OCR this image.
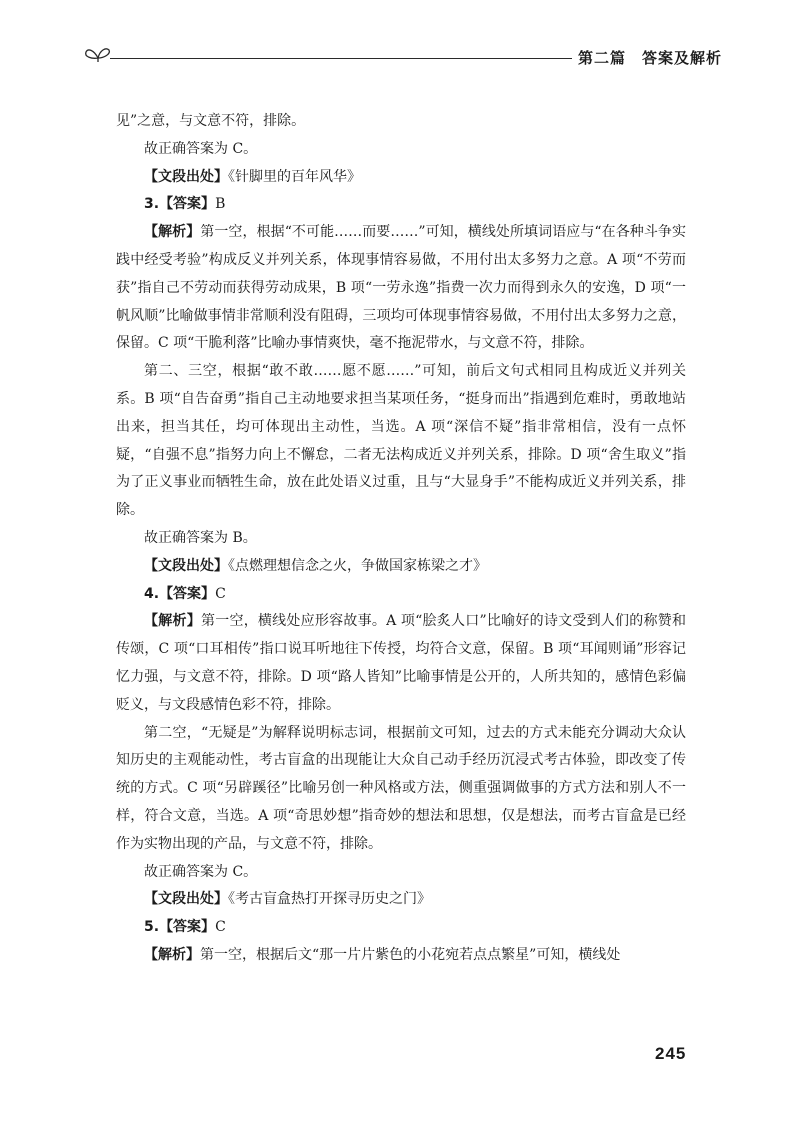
第二篇　答案及解析

见”之意，与文意不符，排除。

故正确答案为 C。

【文段出处】《针脚里的百年风华》

3.【答案】B

【解析】第一空，根据“不可能……而要……”可知，横线处所填词语应与“在各种斗争实践中经受考验”构成反义并列关系，体现事情容易做，不用付出太多努力之意。A 项“不劳而获”指自己不劳动而获得劳动成果，B 项“一劳永逸”指费一次力而得到永久的安逸，D 项“一帆风顺”比喻做事情非常顺利没有阻碍，三项均可体现事情容易做，不用付出太多努力之意，保留。C 项“干脆利落”比喻办事情爽快，毫不拖泥带水，与文意不符，排除。

第二、三空，根据“敢不敢……愿不愿……”可知，前后文句式相同且构成近义并列关系。B 项“自告奋勇”指自己主动地要求担当某项任务，“挺身而出”指遇到危难时，勇敢地站出来，担当其任，均可体现出主动性，当选。A 项“深信不疑”指非常相信，没有一点怀疑，“自强不息”指努力向上不懈怠，二者无法构成近义并列关系，排除。D 项“舍生取义”指为了正义事业而牺牲生命，放在此处语义过重，且与“大显身手”不能构成近义并列关系，排除。

故正确答案为 B。

【文段出处】《点燃理想信念之火，争做国家栋梁之才》

4.【答案】C

【解析】第一空，横线处应形容故事。A 项“脍炙人口”比喻好的诗文受到人们的称赞和传颂，C 项“口耳相传”指口说耳听地往下传授，均符合文意，保留。B 项“耳闻则诵”形容记忆力强，与文意不符，排除。D 项“路人皆知”比喻事情是公开的，人所共知的，感情色彩偏贬义，与文段感情色彩不符，排除。

第二空，“无疑是”为解释说明标志词，根据前文可知，过去的方式未能充分调动大众认知历史的主观能动性，考古盲盒的出现能让大众自己动手经历沉浸式考古体验，即改变了传统的方式。C 项“另辟蹊径”比喻另创一种风格或方法，侧重强调做事的方式方法和别人不一样，符合文意，当选。A 项“奇思妙想”指奇妙的想法和思想，仅是想法，而考古盲盒是已经作为实物出现的产品，与文意不符，排除。

故正确答案为 C。

【文段出处】《考古盲盒热打开探寻历史之门》

5.【答案】C

【解析】第一空，根据后文“那一片片紫色的小花宛若点点繁星”可知，横线处

245
